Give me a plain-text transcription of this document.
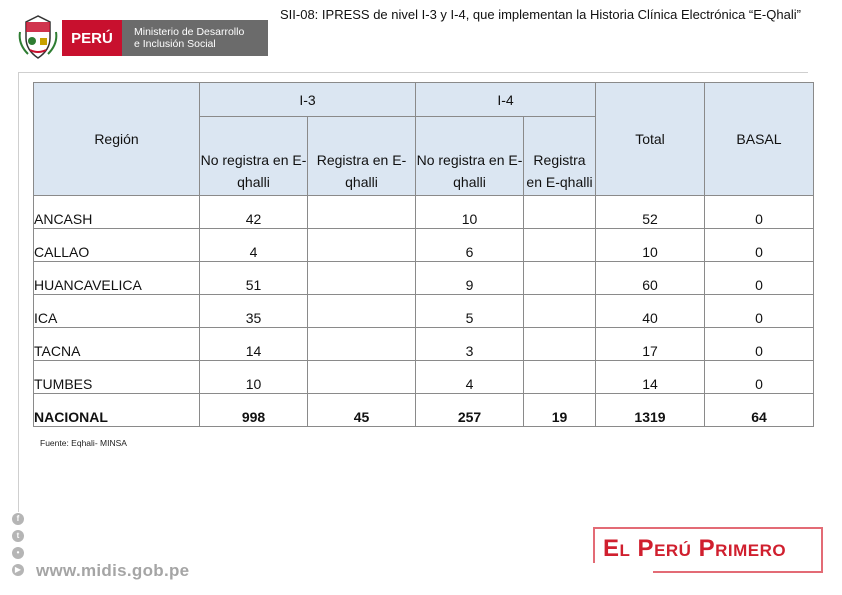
PERÚ	Ministerio de Desarrollo
e Inclusión Social
SII-08: IPRESS de nivel I-3 y I-4, que implementan la Historia Clínica Electrónica “E-Qhali”
Región	I-3		I-4		Total	BASAL
	No registra en E-qhalli	Registra en E-qhalli	No registra en E-qhalli	Registra en E-qhalli		
ANCASH	42		10		52	0
CALLAO	4		6		10	0
HUANCAVELICA	51		9		60	0
ICA	35		5		40	0
TACNA	14		3		17	0
TUMBES	10		4		14	0
NACIONAL	998	45	257	19	1319	64
Fuente: Eqhali- MINSA
f
t
•
▶ www.midis.gob.pe
El Perú Primero
